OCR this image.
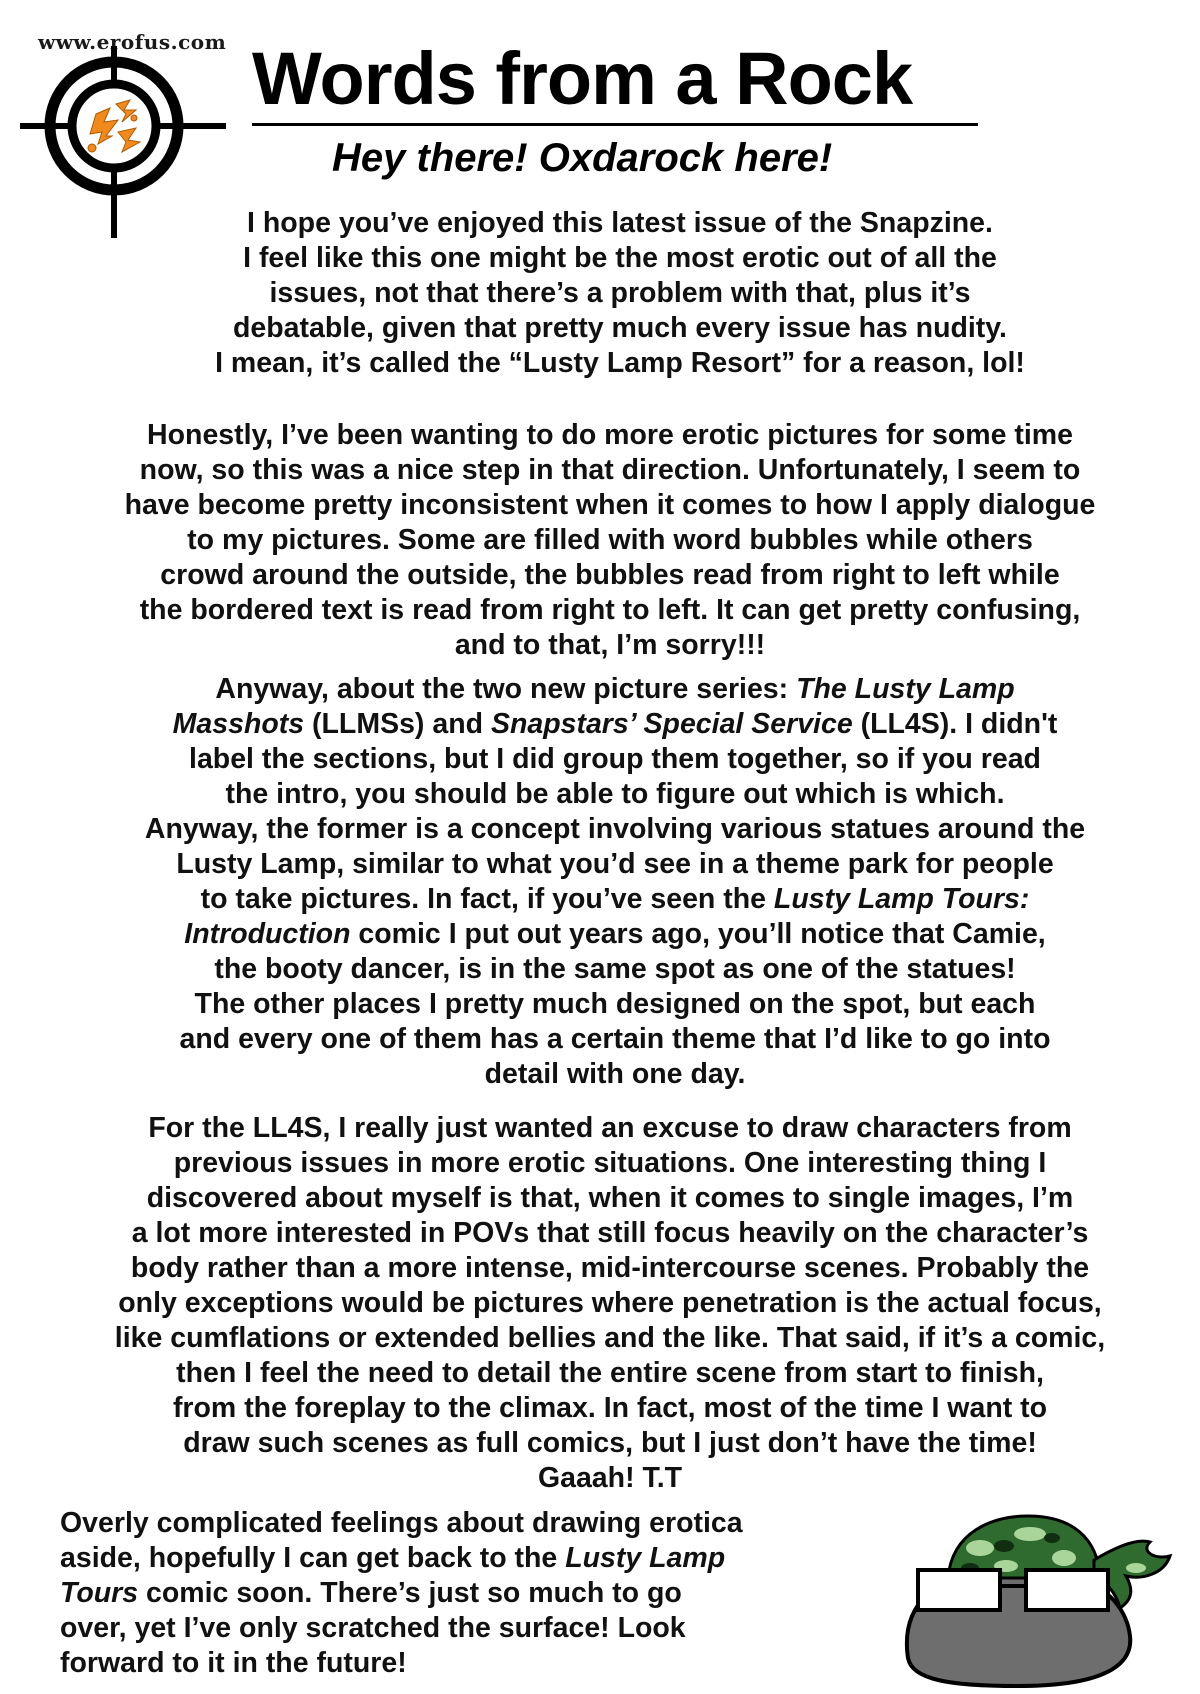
www.erofus.com Words from a Rock
Hey there! Oxdarock here!

I hope you’ve enjoyed this latest issue of the Snapzine.
I feel like this one might be the most erotic out of all the
issues, not that there’s a problem with that, plus it’s
debatable, given that pretty much every issue has nudity.
I mean, it’s called the “Lusty Lamp Resort” for a reason, lol!

Honestly, I’ve been wanting to do more erotic pictures for some time
now, so this was a nice step in that direction. Unfortunately, I seem to
have become pretty inconsistent when it comes to how I apply dialogue
to my pictures. Some are filled with word bubbles while others
crowd around the outside, the bubbles read from right to left while
the bordered text is read from right to left. It can get pretty confusing,
and to that, I’m sorry!!!

Anyway, about the two new picture series: The Lusty Lamp
Masshots (LLMSs) and Snapstars’ Special Service (LL4S). I didn't
label the sections, but I did group them together, so if you read
the intro, you should be able to figure out which is which.
Anyway, the former is a concept involving various statues around the
Lusty Lamp, similar to what you’d see in a theme park for people
to take pictures. In fact, if you’ve seen the Lusty Lamp Tours:
Introduction comic I put out years ago, you’ll notice that Camie,
the booty dancer, is in the same spot as one of the statues!
The other places I pretty much designed on the spot, but each
and every one of them has a certain theme that I’d like to go into
detail with one day.

For the LL4S, I really just wanted an excuse to draw characters from
previous issues in more erotic situations. One interesting thing I
discovered about myself is that, when it comes to single images, I’m
a lot more interested in POVs that still focus heavily on the character’s
body rather than a more intense, mid-intercourse scenes. Probably the
only exceptions would be pictures where penetration is the actual focus,
like cumflations or extended bellies and the like. That said, if it’s a comic,
then I feel the need to detail the entire scene from start to finish,
from the foreplay to the climax. In fact, most of the time I want to
draw such scenes as full comics, but I just don’t have the time!
Gaaah! T.T

Overly complicated feelings about drawing erotica
aside, hopefully I can get back to the Lusty Lamp
Tours comic soon. There’s just so much to go
over, yet I’ve only scratched the surface! Look
forward to it in the future!
